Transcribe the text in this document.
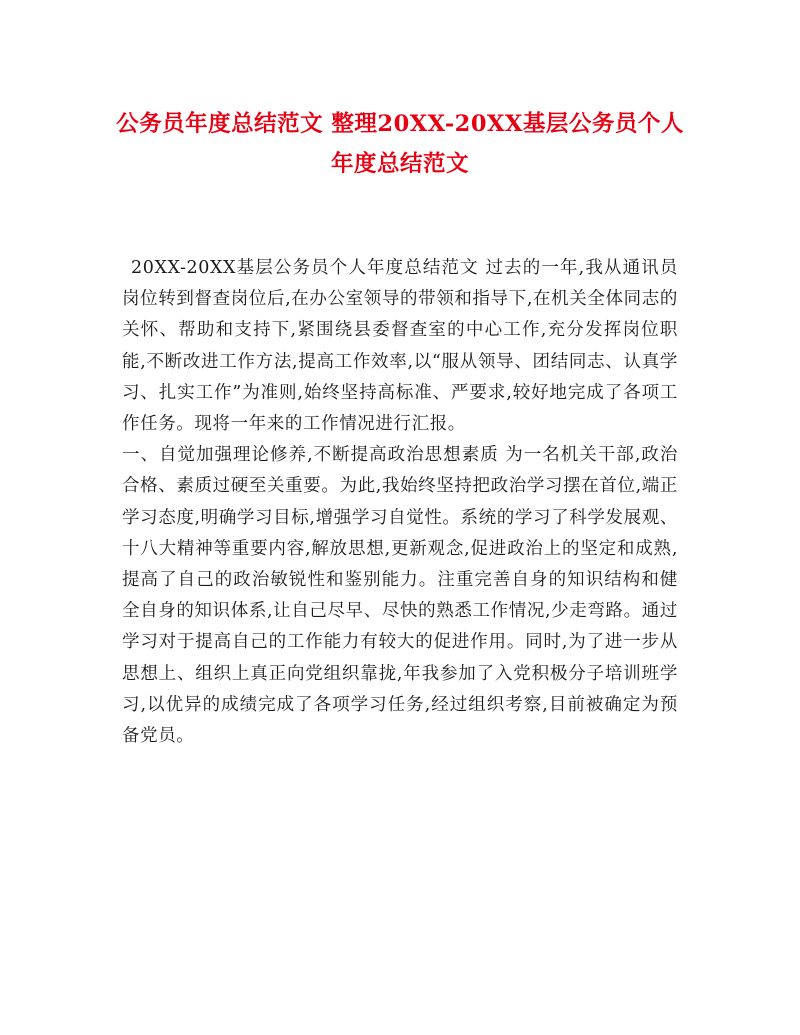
公务员年度总结范文 整理20XX-20XX基层公务员个人
年度总结范文

20XX-20XX基层公务员个人年度总结范文 过去的一年,我从通讯员岗位转到督查岗位后,在办公室领导的带领和指导下,在机关全体同志的关怀、帮助和支持下,紧围绕县委督查室的中心工作,充分发挥岗位职能,不断改进工作方法,提高工作效率,以“服从领导、团结同志、认真学习、扎实工作”为准则,始终坚持高标准、严要求,较好地完成了各项工作任务。现将一年来的工作情况进行汇报。

一、自觉加强理论修养,不断提高政治思想素质 为一名机关干部,政治合格、素质过硬至关重要。为此,我始终坚持把政治学习摆在首位,端正学习态度,明确学习目标,增强学习自觉性。系统的学习了科学发展观、十八大精神等重要内容,解放思想,更新观念,促进政治上的坚定和成熟,提高了自己的政治敏锐性和鉴别能力。注重完善自身的知识结构和健全自身的知识体系,让自己尽早、尽快的熟悉工作情况,少走弯路。通过学习对于提高自己的工作能力有较大的促进作用。同时,为了进一步从思想上、组织上真正向党组织靠拢,年我参加了入党积极分子培训班学习,以优异的成绩完成了各项学习任务,经过组织考察,目前被确定为预备党员。
